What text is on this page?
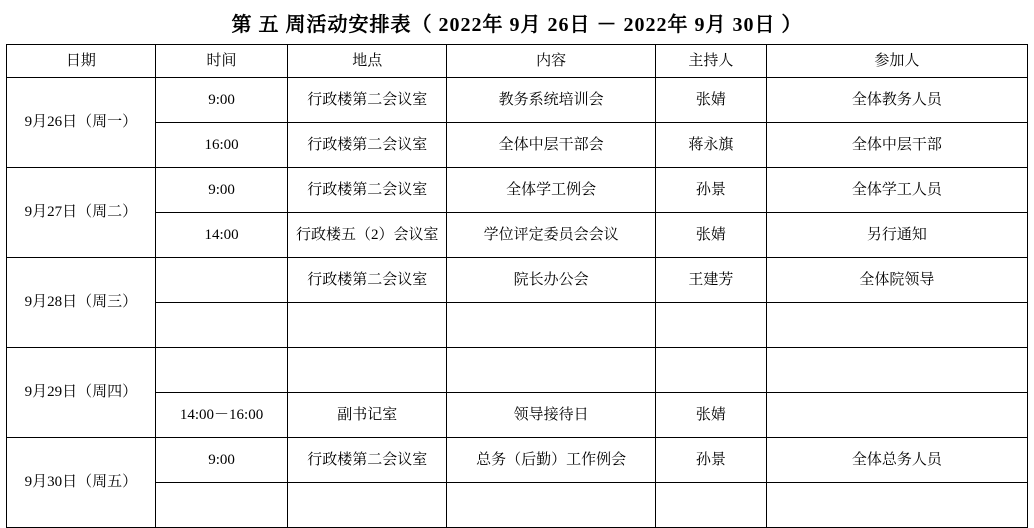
第 五 周活动安排表（ 2022年 9月 26日 － 2022年 9月 30日 ）
日期	时间	地点	内容	主持人	参加人
9月26日（周一）	9:00	行政楼第二会议室	教务系统培训会	张婧	全体教务人员
	16:00	行政楼第二会议室	全体中层干部会	蒋永旗	全体中层干部
9月27日（周二）	9:00	行政楼第二会议室	全体学工例会	孙景	全体学工人员
	14:00	行政楼五（2）会议室	学位评定委员会会议	张婧	另行通知
9月28日（周三）		行政楼第二会议室	院长办公会	王建芳	全体院领导

9月29日（周四）					
	14:00－16:00	副书记室	领导接待日	张婧	
9月30日（周五）	9:00	行政楼第二会议室	总务（后勤）工作例会	孙景	全体总务人员
